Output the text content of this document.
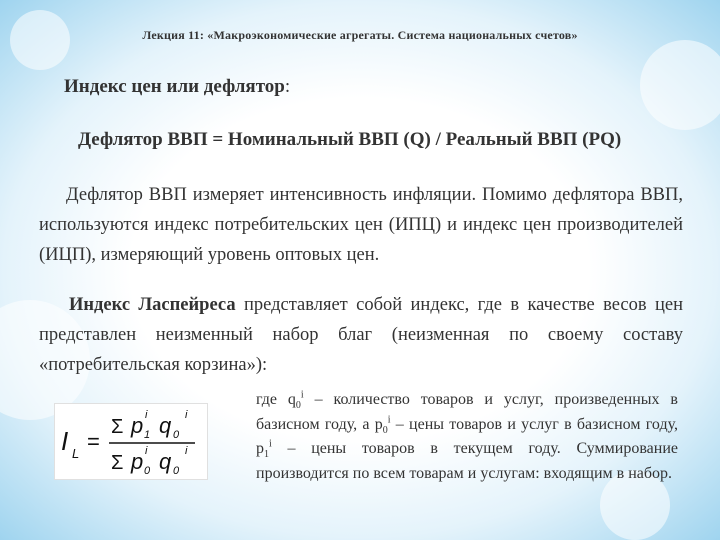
Лекция 11: «Макроэкономические агрегаты. Система национальных счетов»
Индекс цен или дефлятор:
Дефлятор ВВП = Номинальный ВВП (Q) / Реальный ВВП (PQ)
Дефлятор ВВП измеряет интенсивность инфляции. Помимо дефлятора ВВП, используются индекс потребительских цен (ИПЦ) и индекс цен производителей (ИЦП), измеряющий уровень оптовых цен.
Индекс Ласпейреса представляет собой индекс, где в качестве весов цен представлен неизменный набор благ (неизменная по своему составу «потребительская корзина»):
I L =
Σ p i
1 q i
0
Σ p i
0 q i
0
где $q_0^i$ – количество товаров и услуг, произведенных в базисном году, а $p_0^i$ – цены товаров и услуг в базисном году, $p_1^i$ – цены товаров в текущем году. Суммирование производится по всем товарам и услугам: входящим в набор.
